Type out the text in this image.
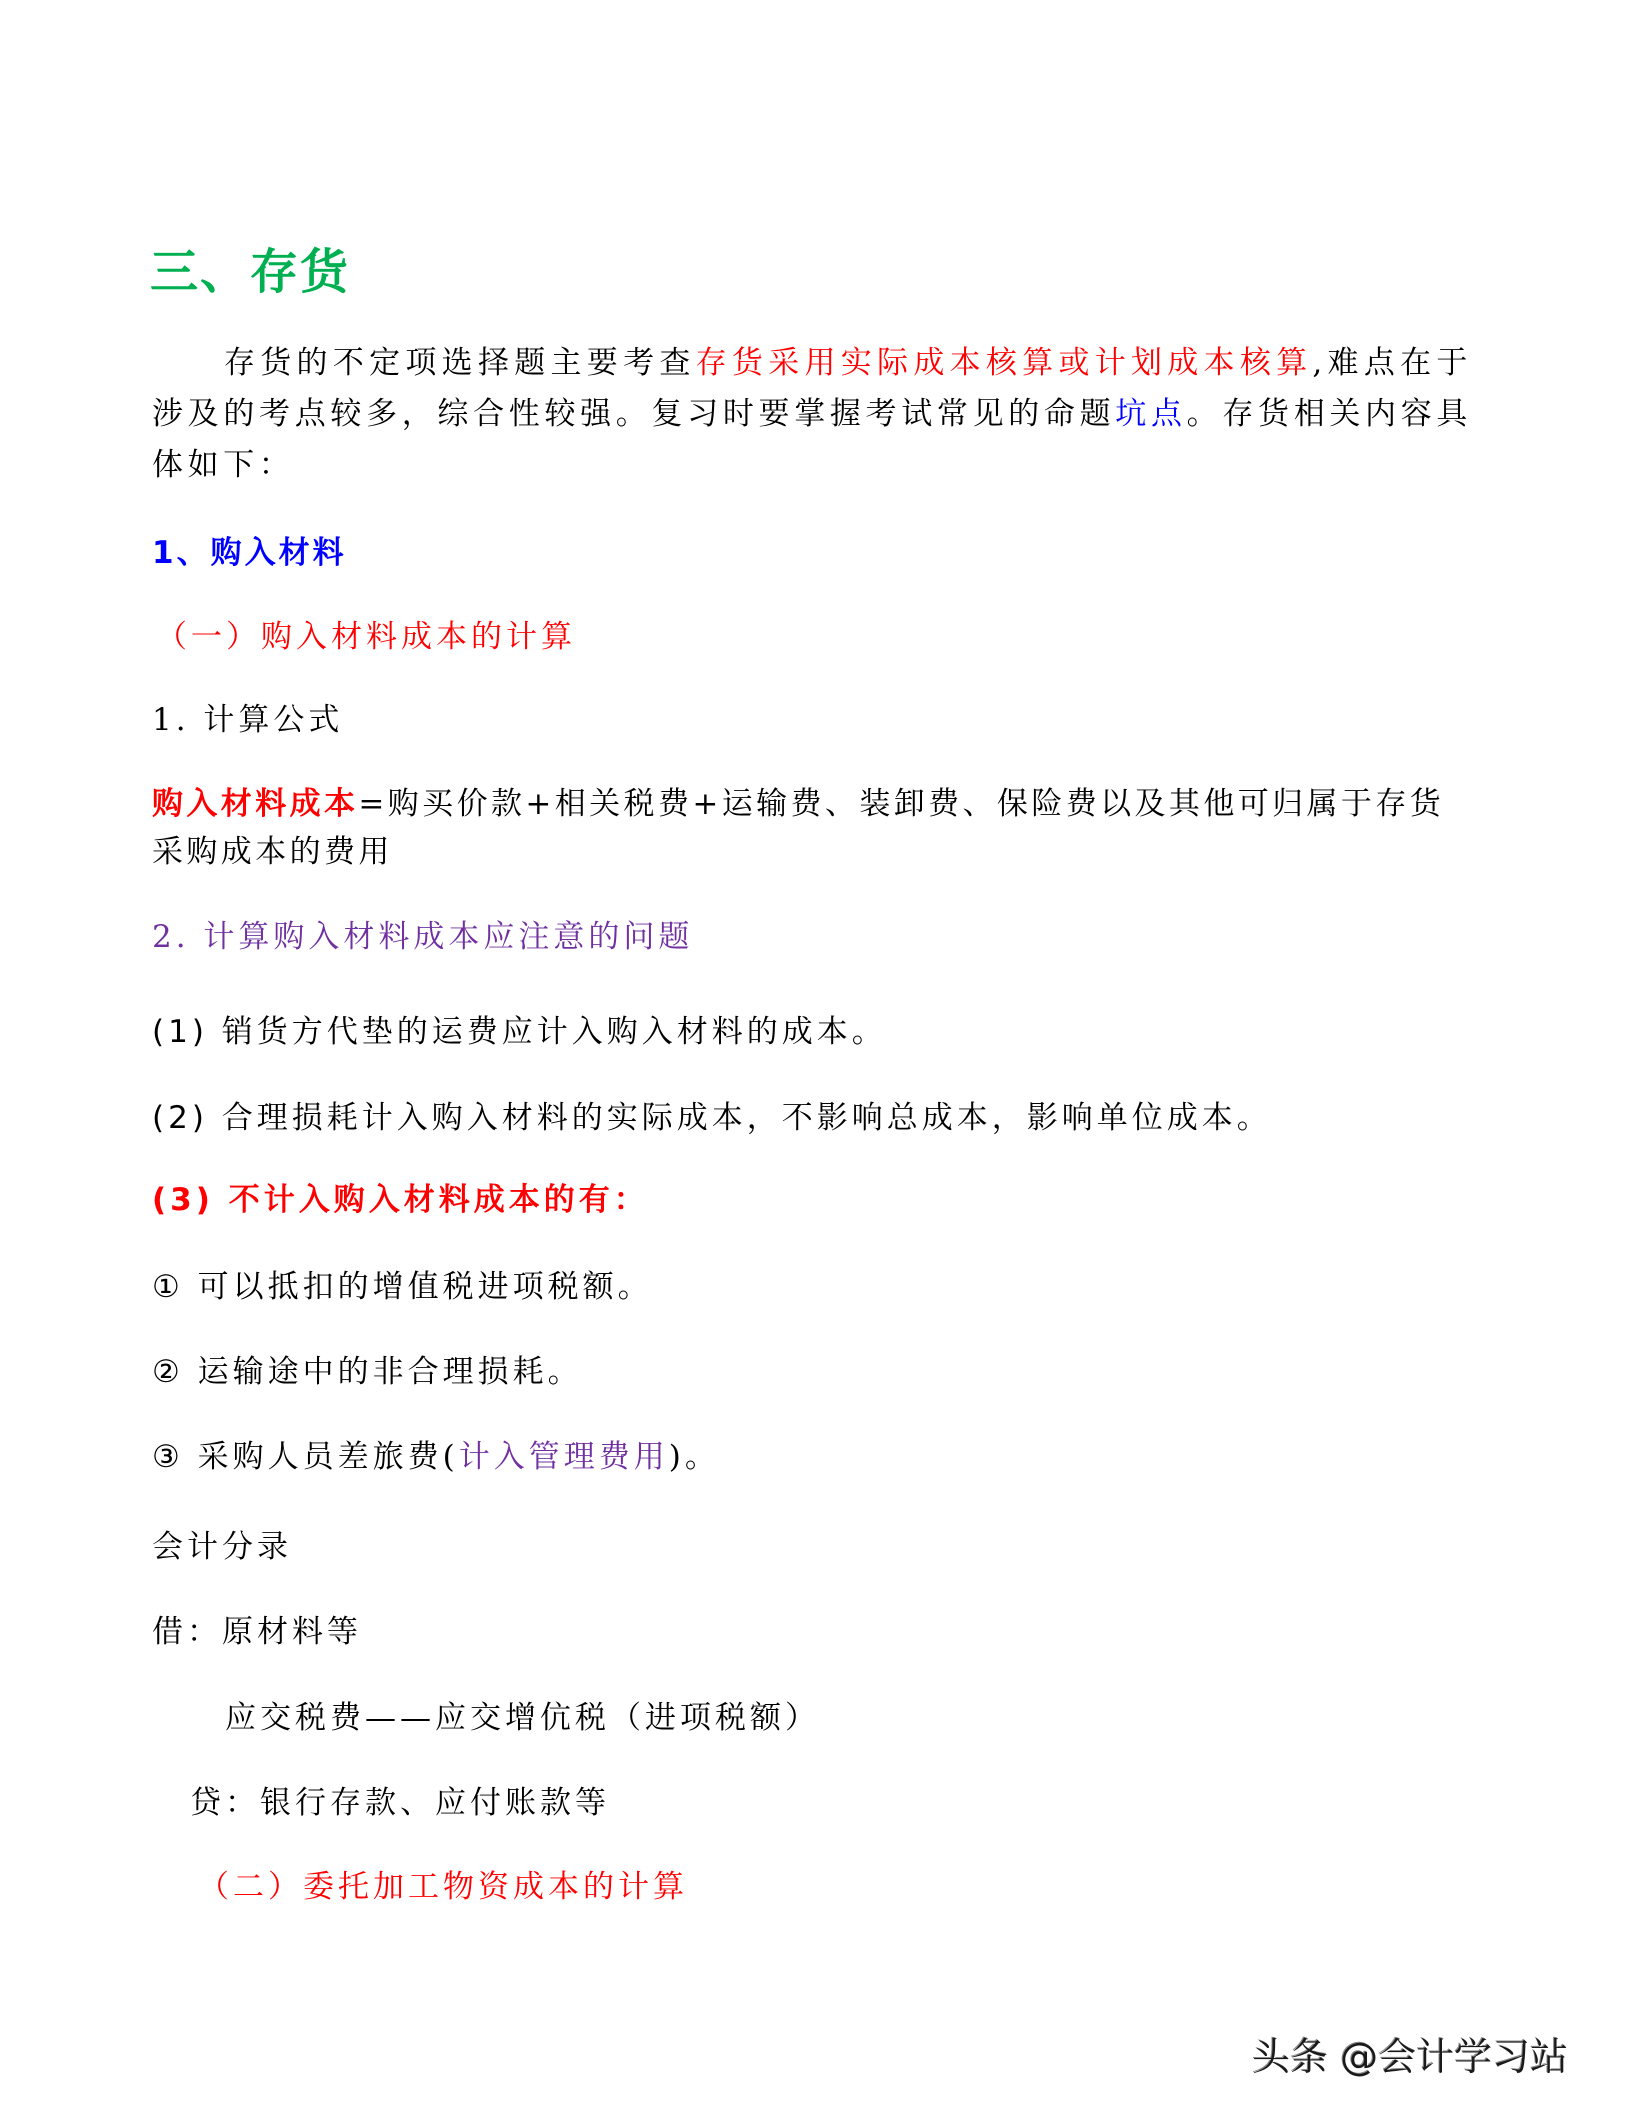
三、存货
存货的不定项选择题主要考查存货采用实际成本核算或计划成本核算,难点在于涉及的考点较多，综合性较强。复习时要掌握考试常见的命题坑点。存货相关内容具体如下：
1、购入材料
（一）购入材料成本的计算
1. 计算公式
购入材料成本=购买价款+相关税费+运输费、装卸费、保险费以及其他可归属于存货 采购成本的费用
2. 计算购入材料成本应注意的问题
(1) 销货方代垫的运费应计入购入材料的成本。
(2) 合理损耗计入购入材料的实际成本，不影响总成本，影响单位成本。
(3) 不计入购入材料成本的有：
① 可以抵扣的增值税进项税额。
② 运输途中的非合理损耗。
③ 采购人员差旅费(计入管理费用)。
会计分录
借：原材料等
应交税费——应交增伉税（进项税额）
贷：银行存款、应付账款等
（二）委托加工物资成本的计算
头条 @会计学习站
